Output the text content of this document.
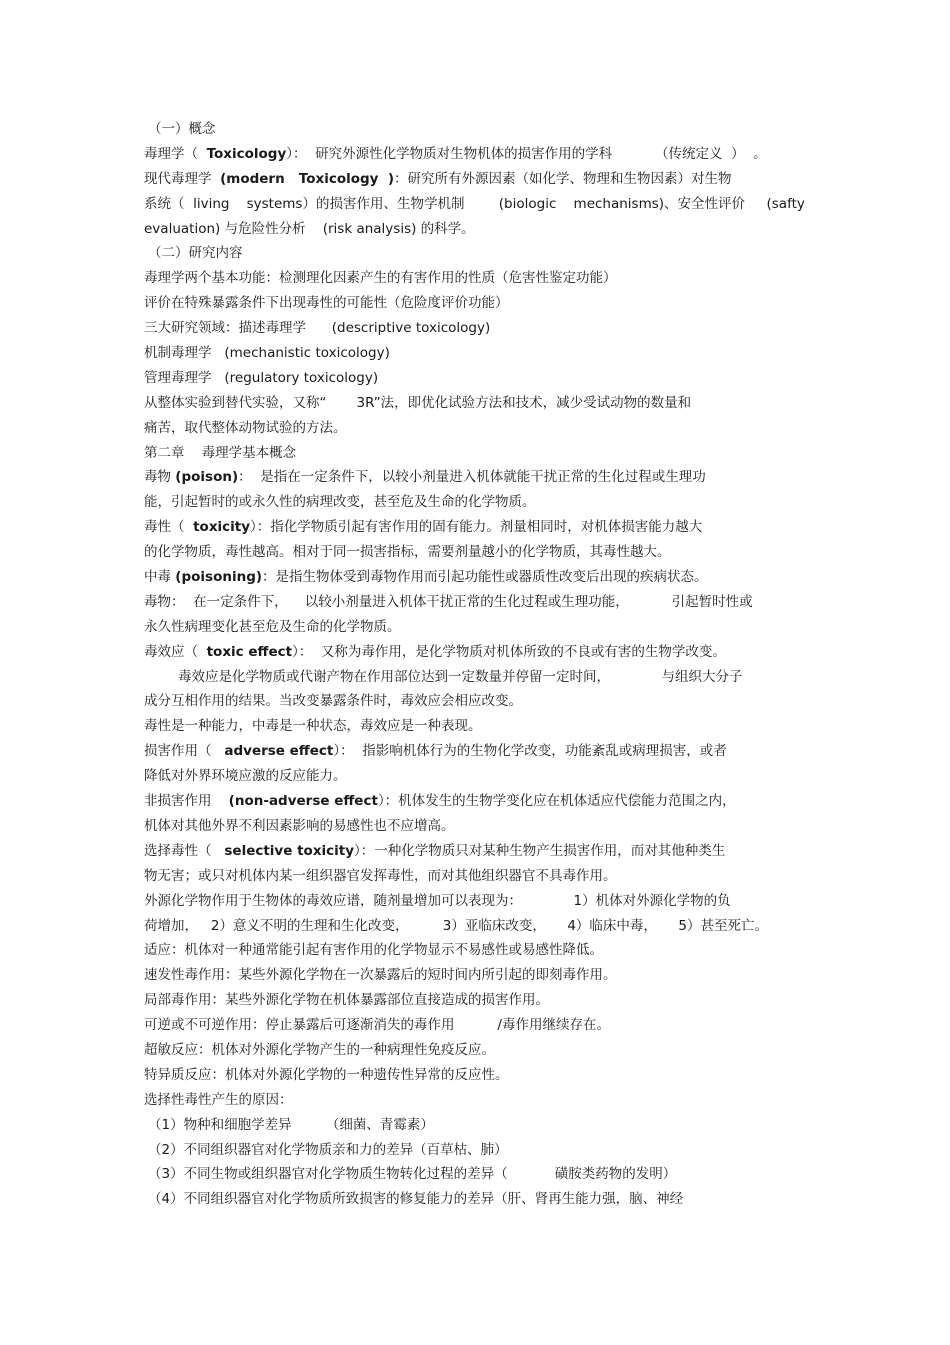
（一）概念
毒理学（  Toxicology）：  研究外源性化学物质对生物机体的损害作用的学科          （传统定义  ）  。
现代毒理学  (modern   Toxicology  )：研究所有外源因素（如化学、物理和生物因素）对生物
系统（  living    systems）的损害作用、生物学机制        (biologic    mechanisms)、安全性评价     (safty
evaluation) 与危险性分析    (risk analysis) 的科学。
（二）研究内容
毒理学两个基本功能：检测理化因素产生的有害作用的性质（危害性鉴定功能）
评价在特殊暴露条件下出现毒性的可能性（危险度评价功能）
三大研究领域：描述毒理学      (descriptive toxicology)
机制毒理学   (mechanistic toxicology)
管理毒理学   (regulatory toxicology)
从整体实验到替代实验，又称“       3R”法，即优化试验方法和技术，减少受试动物的数量和
痛苦，取代整体动物试验的方法。
第二章    毒理学基本概念
毒物 (poison)：  是指在一定条件下，以较小剂量进入机体就能干扰正常的生化过程或生理功
能，引起暂时的或永久性的病理改变，甚至危及生命的化学物质。
毒性（  toxicity）：指化学物质引起有害作用的固有能力。剂量相同时，对机体损害能力越大
的化学物质，毒性越高。相对于同一损害指标，需要剂量越小的化学物质，其毒性越大。
中毒 (poisoning)：是指生物体受到毒物作用而引起功能性或器质性改变后出现的疾病状态。
毒物：  在一定条件下，    以较小剂量进入机体干扰正常的生化过程或生理功能，          引起暂时性或
永久性病理变化甚至危及生命的化学物质。
毒效应（  toxic effect）：  又称为毒作用，是化学物质对机体所致的不良或有害的生物学改变。
毒效应是化学物质或代谢产物在作用部位达到一定数量并停留一定时间，            与组织大分子
成分互相作用的结果。当改变暴露条件时，毒效应会相应改变。
毒性是一种能力，中毒是一种状态，毒效应是一种表现。
损害作用（   adverse effect）：  指影响机体行为的生物化学改变，功能紊乱或病理损害，或者
降低对外界环境应激的反应能力。
非损害作用    (non-adverse effect）：机体发生的生物学变化应在机体适应代偿能力范围之内，
机体对其他外界不利因素影响的易感性也不应增高。
选择毒性（   selective toxicity）：一种化学物质只对某种生物产生损害作用，而对其他种类生
物无害；或只对机体内某一组织器官发挥毒性，而对其他组织器官不具毒作用。
外源化学物作用于生物体的毒效应谱，随剂量增加可以表现为：            1）机体对外源化学物的负
荷增加，   2）意义不明的生理和生化改变，        3）亚临床改变，     4）临床中毒，     5）甚至死亡。
适应：机体对一种通常能引起有害作用的化学物显示不易感性或易感性降低。
速发性毒作用：某些外源化学物在一次暴露后的短时间内所引起的即刻毒作用。
局部毒作用：某些外源化学物在机体暴露部位直接造成的损害作用。
可逆或不可逆作用：停止暴露后可逐渐消失的毒作用          /毒作用继续存在。
超敏反应：机体对外源化学物产生的一种病理性免疫反应。
特异质反应：机体对外源化学物的一种遗传性异常的反应性。
选择性毒性产生的原因：
（1）物种和细胞学差异        （细菌、青霉素）
（2）不同组织器官对化学物质亲和力的差异（百草枯、肺）
（3）不同生物或组织器官对化学物质生物转化过程的差异（           磺胺类药物的发明）
（4）不同组织器官对化学物质所致损害的修复能力的差异（肝、肾再生能力强，脑、神经
